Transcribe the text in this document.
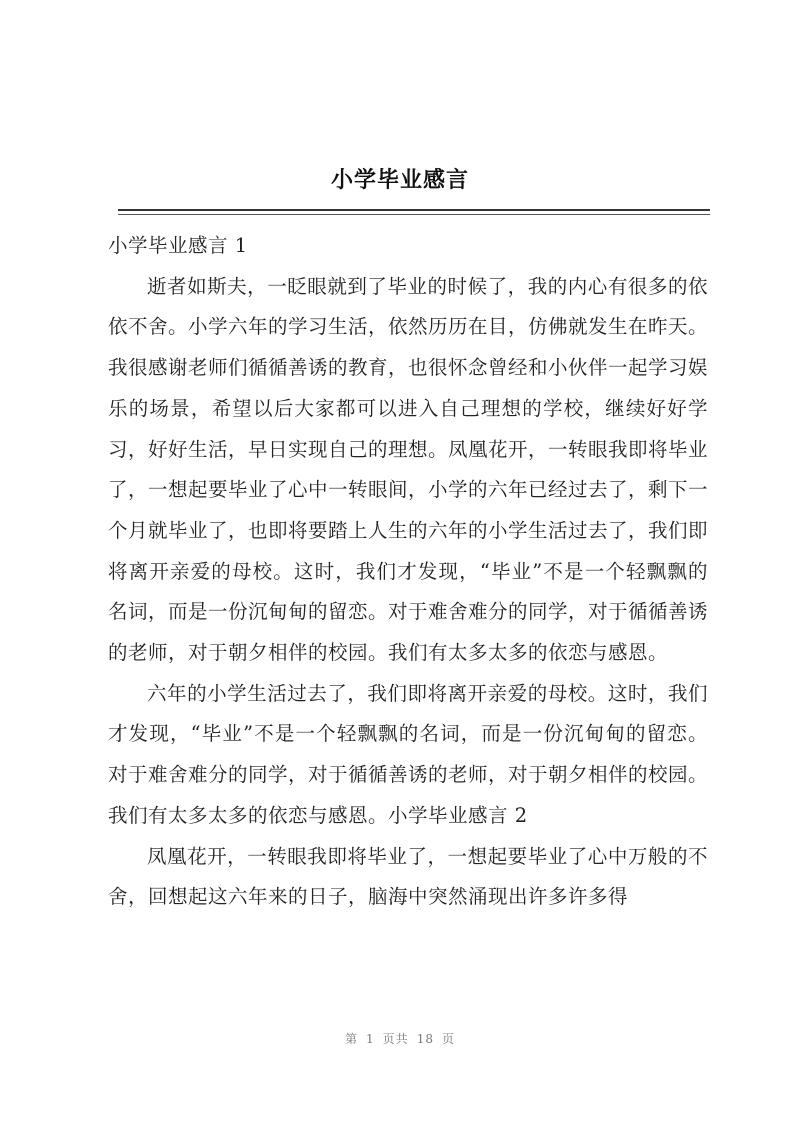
小学毕业感言

小学毕业感言 1

逝者如斯夫，一眨眼就到了毕业的时候了，我的内心有很多的依依不舍。小学六年的学习生活，依然历历在目，仿佛就发生在昨天。我很感谢老师们循循善诱的教育，也很怀念曾经和小伙伴一起学习娱乐的场景，希望以后大家都可以进入自己理想的学校，继续好好学习，好好生活，早日实现自己的理想。凤凰花开，一转眼我即将毕业了，一想起要毕业了心中一转眼间，小学的六年已经过去了，剩下一个月就毕业了，也即将要踏上人生的六年的小学生活过去了，我们即将离开亲爱的母校。这时，我们才发现，“毕业”不是一个轻飘飘的名词，而是一份沉甸甸的留恋。对于难舍难分的同学，对于循循善诱的老师，对于朝夕相伴的校园。我们有太多太多的依恋与感恩。

六年的小学生活过去了，我们即将离开亲爱的母校。这时，我们才发现，“毕业”不是一个轻飘飘的名词，而是一份沉甸甸的留恋。对于难舍难分的同学，对于循循善诱的老师，对于朝夕相伴的校园。我们有太多太多的依恋与感恩。小学毕业感言 2

凤凰花开，一转眼我即将毕业了，一想起要毕业了心中万般的不舍，回想起这六年来的日子，脑海中突然涌现出许多许多得

第 1 页共 18 页
